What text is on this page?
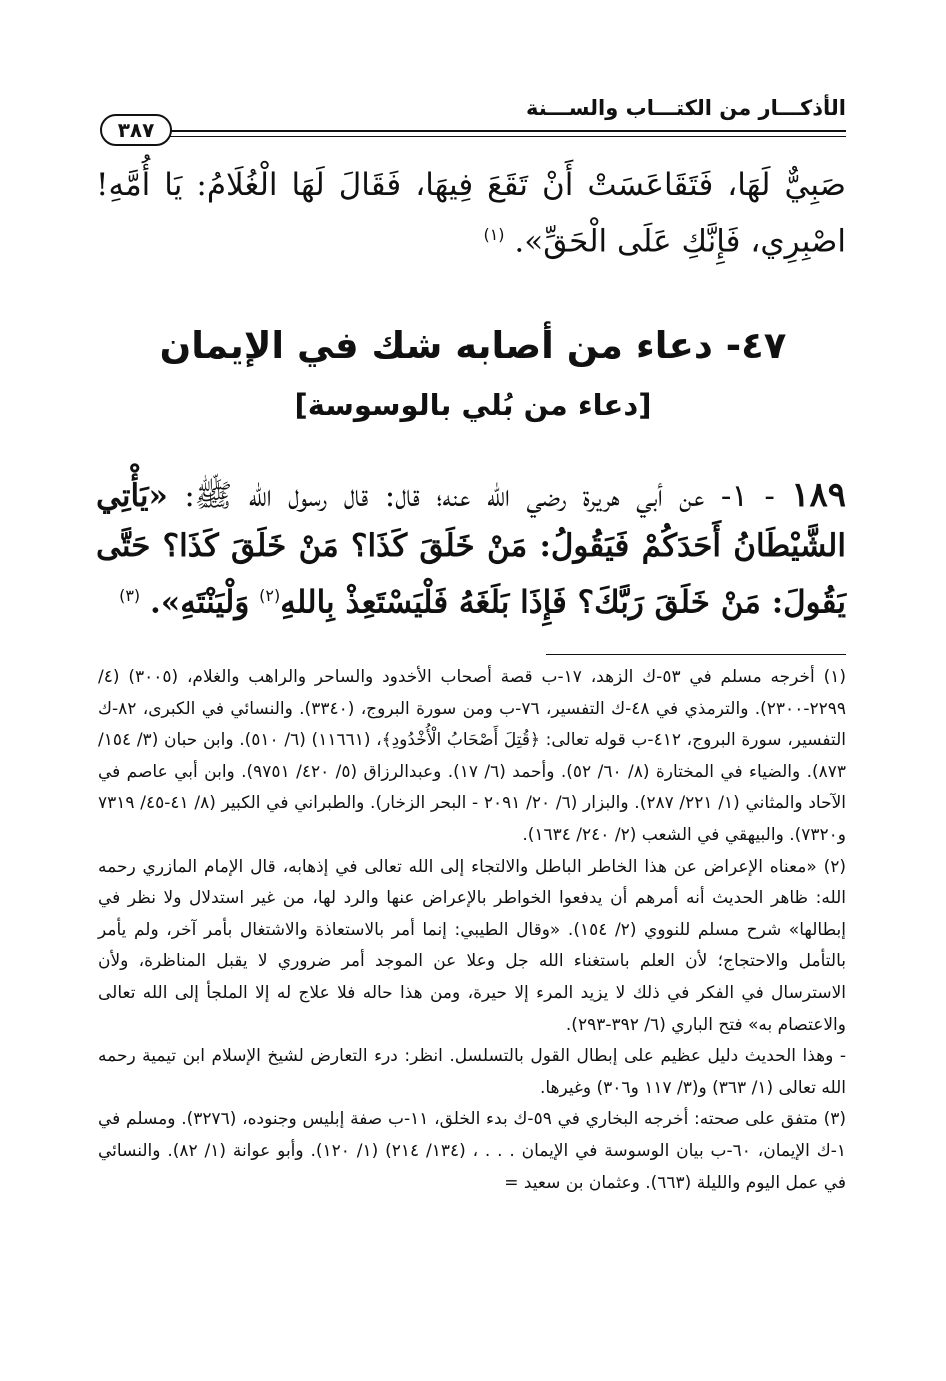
الأذكـــار من الكتـــاب والســـنة
٣٨٧
صَبِيٌّ لَهَا، فَتَقَاعَسَتْ أَنْ تَقَعَ فِيهَا، فَقَالَ لَهَا الْغُلَامُ: يَا أُمَّهِ! اصْبِرِي، فَإِنَّكِ عَلَى الْحَقِّ». $^{(١)}$
٤٧- دعاء من أصابه شك في الإيمان
[دعاء من بُلي بالوسوسة]
١٨٩ - ١- عن أبي هريرة رضي الله عنه؛ قال: قال رسول الله ﷺ: «يَأْتِي الشَّيْطَانُ أَحَدَكُمْ فَيَقُولُ: مَنْ خَلَقَ كَذَا؟ مَنْ خَلَقَ كَذَا؟ حَتَّى يَقُولَ: مَنْ خَلَقَ رَبَّكَ؟ فَإِذَا بَلَغَهُ فَلْيَسْتَعِذْ بِاللهِ$^{(٢)}$ وَلْيَنْتَهِ». $^{(٣)}$

(١) أخرجه مسلم في ٥٣-ك الزهد، ١٧-ب قصة أصحاب الأخدود والساحر والراهب والغلام، (٣٠٠٥) (٤/ ٢٢٩٩-٢٣٠٠). والترمذي في ٤٨-ك التفسير، ٧٦-ب ومن سورة البروج، (٣٣٤٠). والنسائي في الكبرى، ٨٢-ك التفسير، سورة البروج، ٤١٢-ب قوله تعالى: ﴿قُتِلَ أَصْحَابُ الْأُخْدُودِ﴾، (١١٦٦١) (٦/ ٥١٠). وابن حبان (٣/ ١٥٤/ ٨٧٣). والضياء في المختارة (٨/ ٦٠/ ٥٢). وأحمد (٦/ ١٧). وعبدالرزاق (٥/ ٤٢٠/ ٩٧٥١). وابن أبي عاصم في الآحاد والمثاني (١/ ٢٢١/ ٢٨٧). والبزار (٦/ ٢٠/ ٢٠٩١ - البحر الزخار). والطبراني في الكبير (٨/ ٤١-٤٥/ ٧٣١٩ و٧٣٢٠). والبيهقي في الشعب (٢/ ٢٤٠/ ١٦٣٤).

(٢) «معناه الإعراض عن هذا الخاطر الباطل والالتجاء إلى الله تعالى في إذهابه، قال الإمام المازري رحمه الله: ظاهر الحديث أنه أمرهم أن يدفعوا الخواطر بالإعراض عنها والرد لها، من غير استدلال ولا نظر في إبطالها» شرح مسلم للنووي (٢/ ١٥٤). «وقال الطيبي: إنما أمر بالاستعاذة والاشتغال بأمر آخر، ولم يأمر بالتأمل والاحتجاج؛ لأن العلم باستغناء الله جل وعلا عن الموجد أمر ضروري لا يقبل المناظرة، ولأن الاسترسال في الفكر في ذلك لا يزيد المرء إلا حيرة، ومن هذا حاله فلا علاج له إلا الملجأ إلى الله تعالى والاعتصام به» فتح الباري (٦/ ٣٩٢-٢٩٣).

- وهذا الحديث دليل عظيم على إبطال القول بالتسلسل. انظر: درء التعارض لشيخ الإسلام ابن تيمية رحمه الله تعالى (١/ ٣٦٣) و(٣/ ١١٧ و٣٠٦) وغيرها.

(٣) متفق على صحته: أخرجه البخاري في ٥٩-ك بدء الخلق، ١١-ب صفة إبليس وجنوده، (٣٢٧٦). ومسلم في ١-ك الإيمان، ٦٠-ب بيان الوسوسة في الإيمان . . . ، (١٣٤/ ٢١٤) (١/ ١٢٠). وأبو عوانة (١/ ٨٢). والنسائي في عمل اليوم والليلة (٦٦٣). وعثمان بن سعيد =
